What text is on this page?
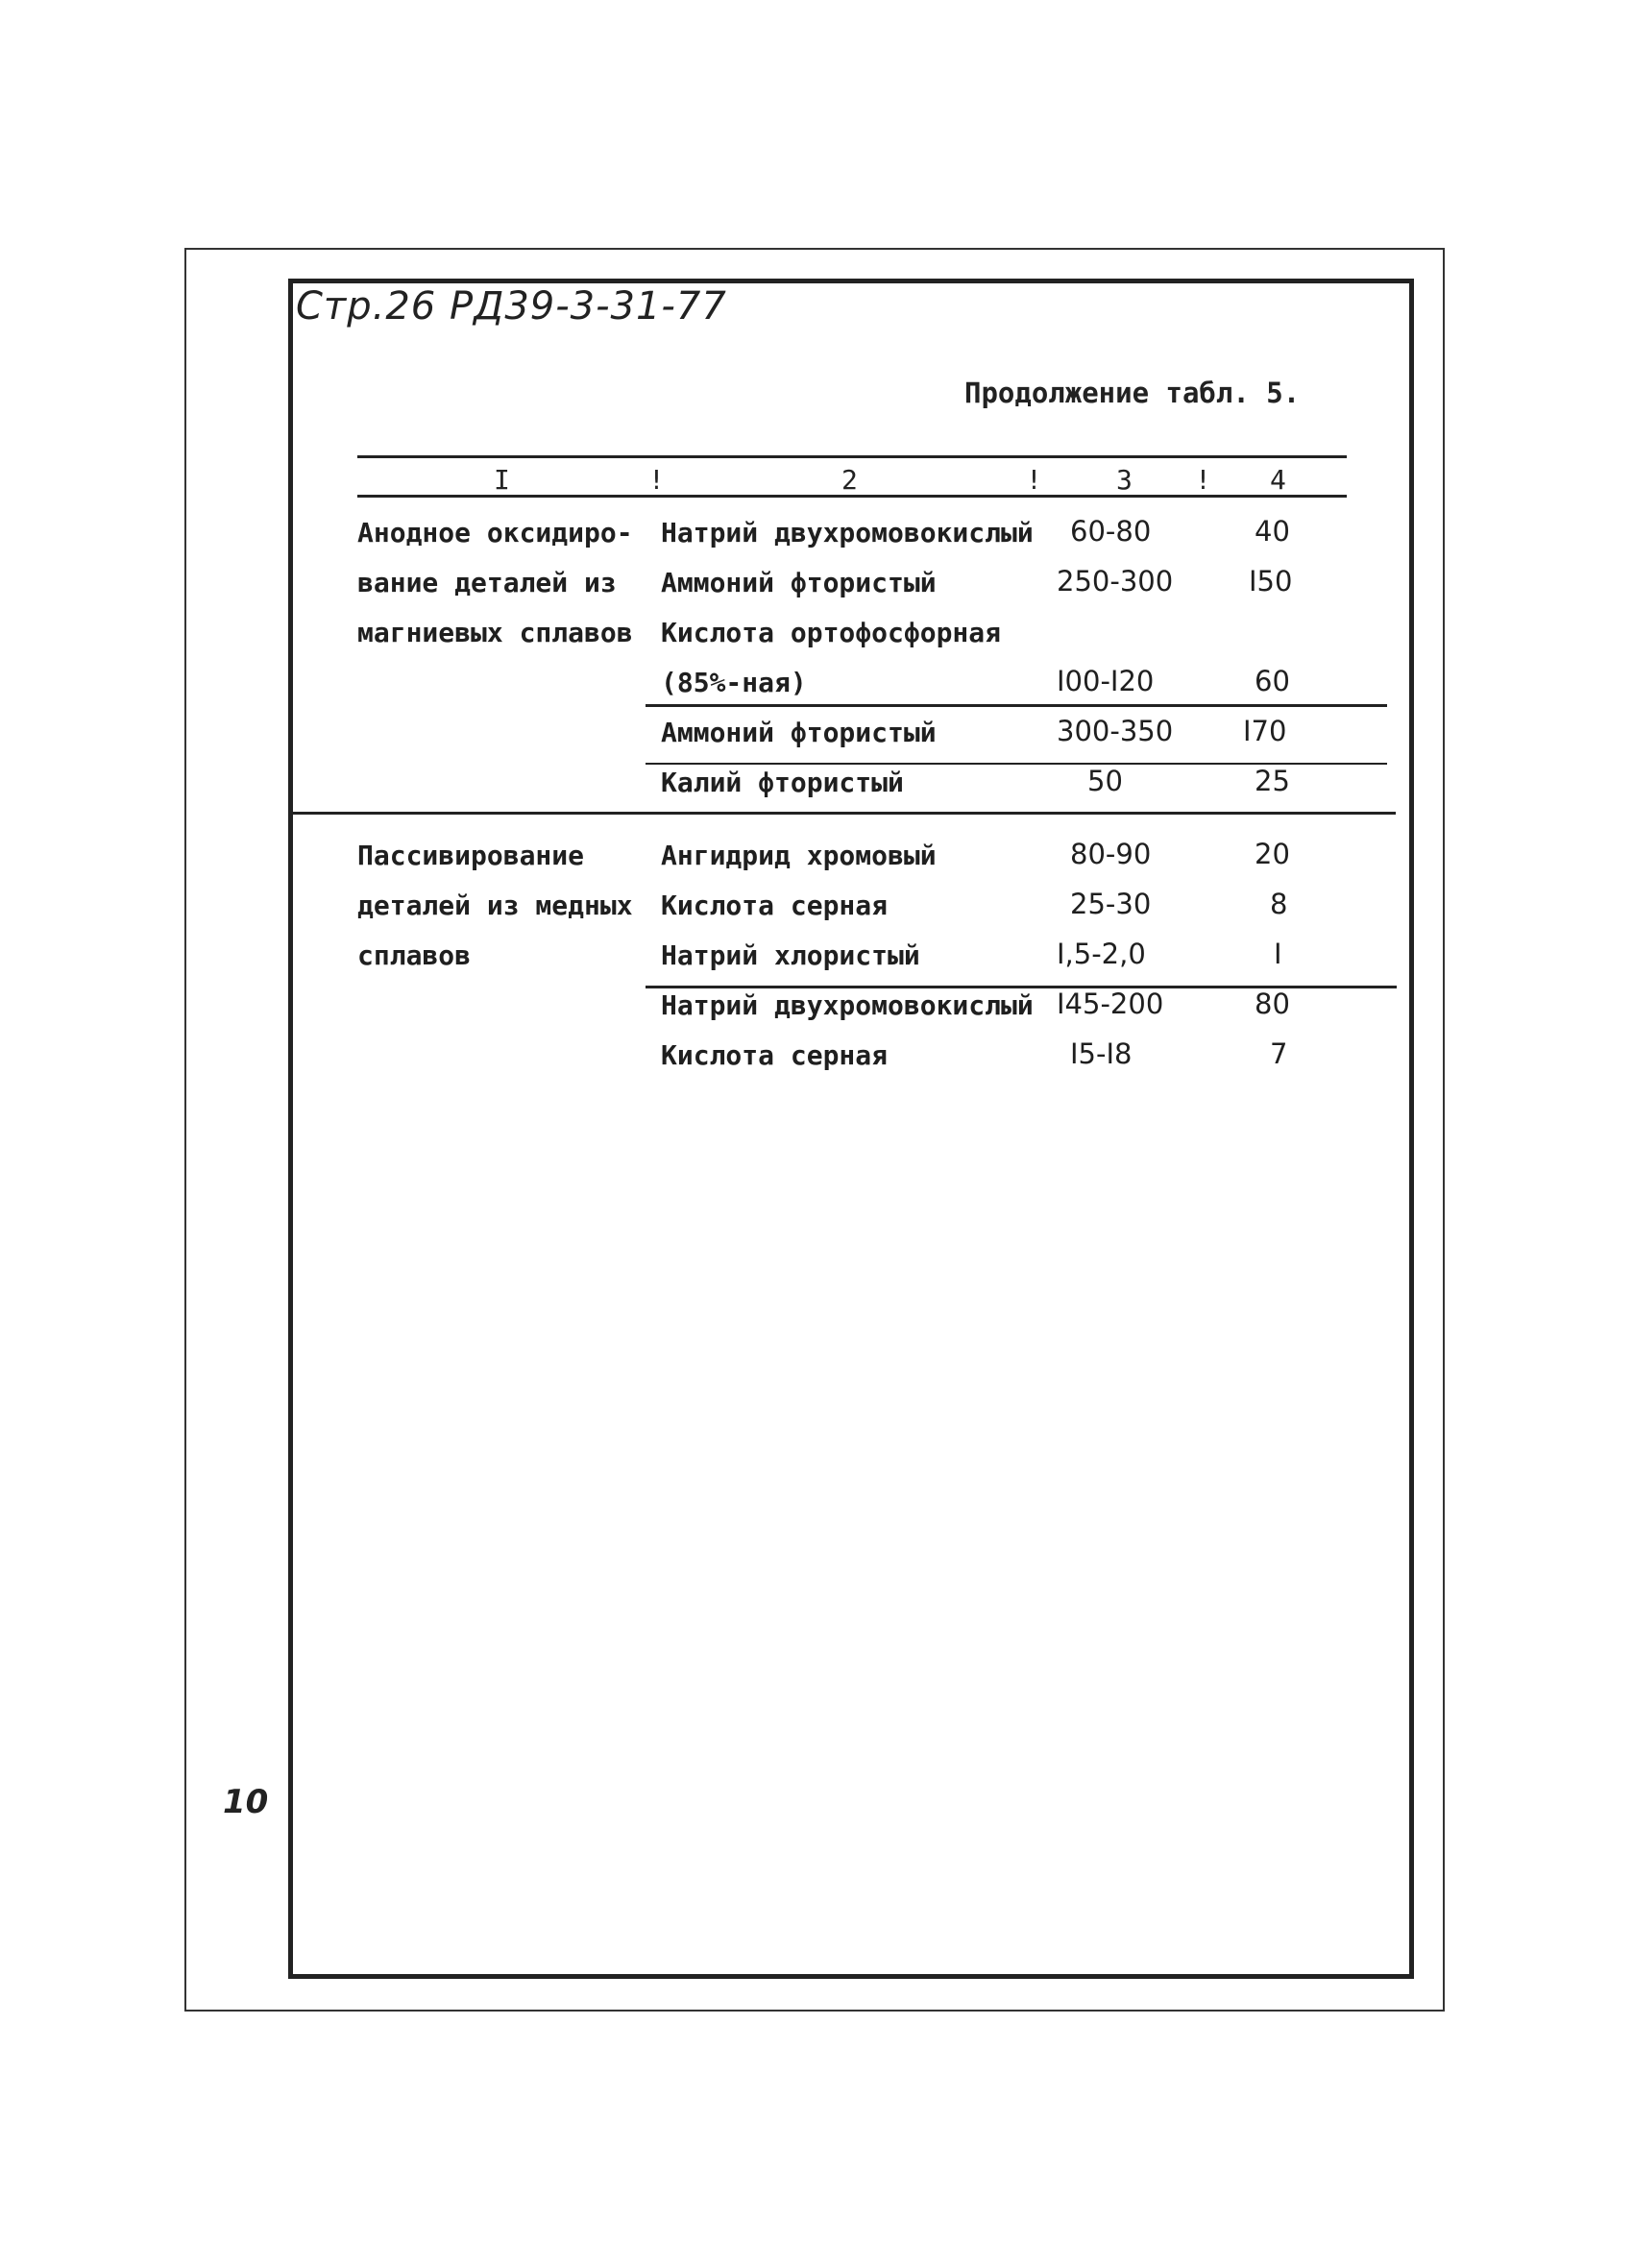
Стр.26 РД39-3-31-77
10
Продолжение табл. 5.
I	!	2	!	3 ! 4
Анодное оксидиро-
вание деталей из
магниевых сплавов
Натрий двухромовокислый 60-80	40
Аммоний фтористый	250-300	I50
Кислота ортофосфорная
(85%-ная)	I00-I20	60
Аммоний фтористый	300-350	I70
Калий фтористый	50	25
Пассивирование
деталей из медных
сплавов
Ангидрид хромовый	80-90	20
Кислота серная	25-30	8
Натрий хлористый	I,5-2,0	I
Натрий двухромовокислый I45-200	80
Кислота серная	I5-I8	7
